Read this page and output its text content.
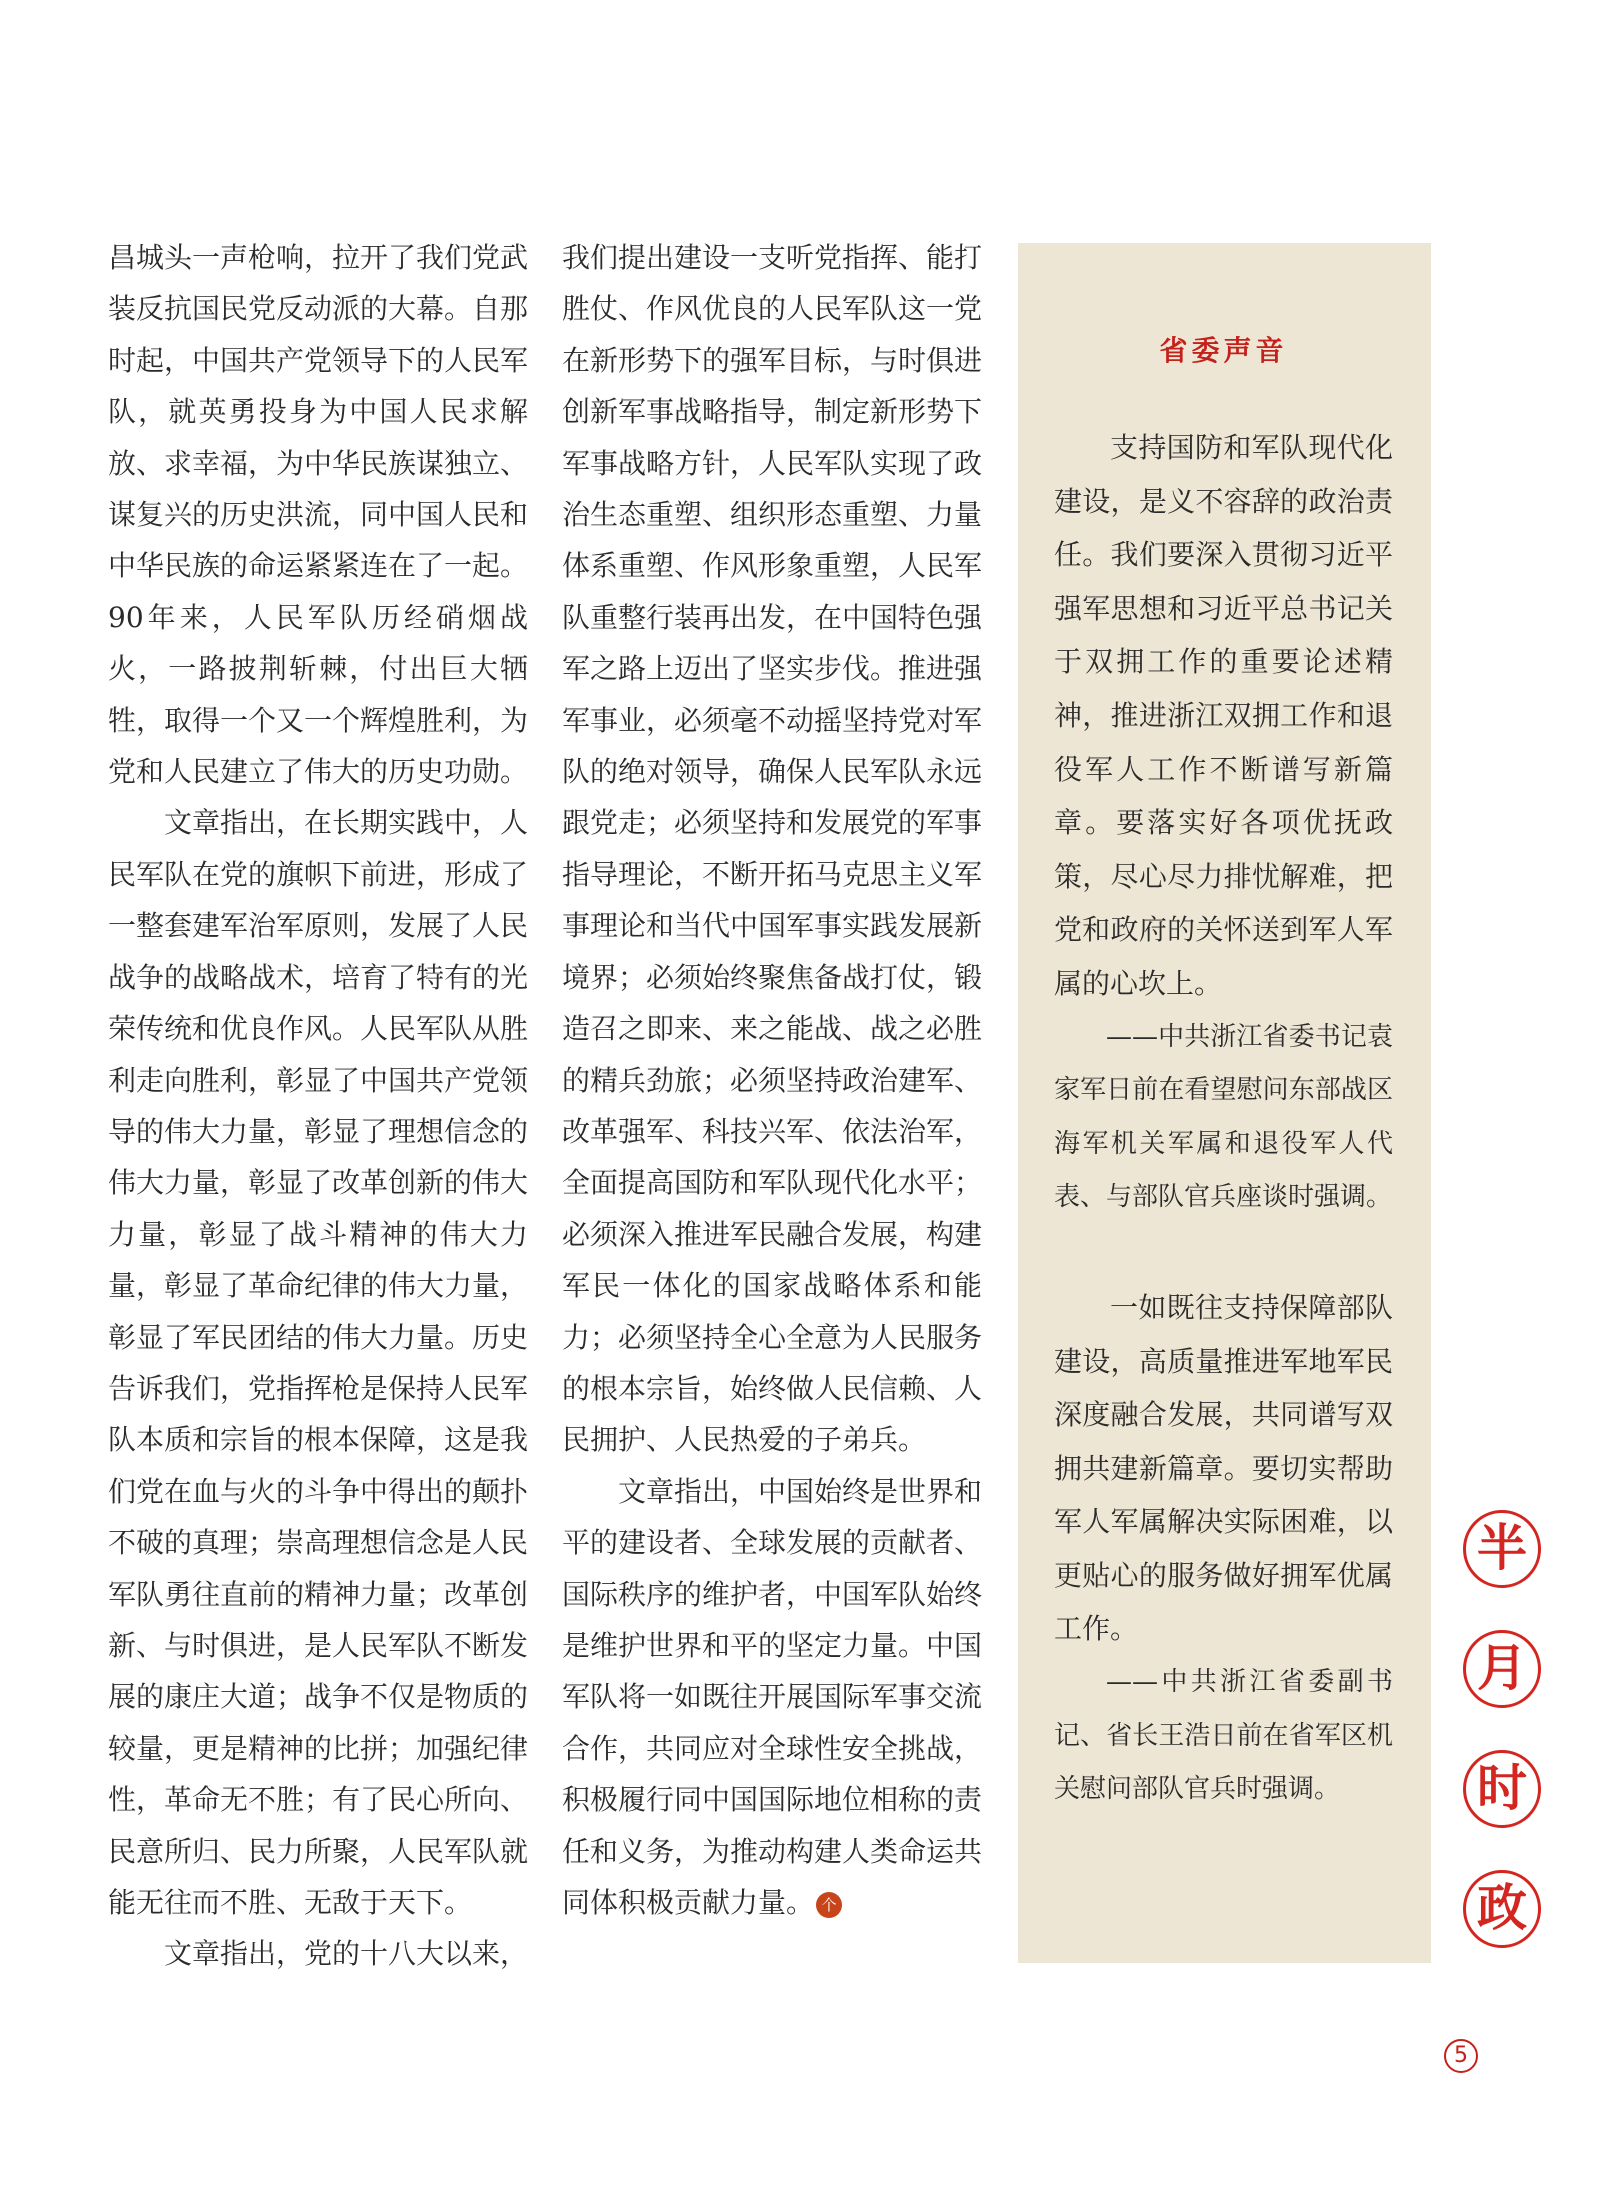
昌城头一声枪响，拉开了我们党武装反抗国民党反动派的大幕。自那时起，中国共产党领导下的人民军队，就英勇投身为中国人民求解放、求幸福，为中华民族谋独立、谋复兴的历史洪流，同中国人民和中华民族的命运紧紧连在了一起。90年来，人民军队历经硝烟战火，一路披荆斩棘，付出巨大牺牲，取得一个又一个辉煌胜利，为党和人民建立了伟大的历史功勋。

文章指出，在长期实践中，人民军队在党的旗帜下前进，形成了一整套建军治军原则，发展了人民战争的战略战术，培育了特有的光荣传统和优良作风。人民军队从胜利走向胜利，彰显了中国共产党领导的伟大力量，彰显了理想信念的伟大力量，彰显了改革创新的伟大力量，彰显了战斗精神的伟大力量，彰显了革命纪律的伟大力量，彰显了军民团结的伟大力量。历史告诉我们，党指挥枪是保持人民军队本质和宗旨的根本保障，这是我们党在血与火的斗争中得出的颠扑不破的真理；崇高理想信念是人民军队勇往直前的精神力量；改革创新、与时俱进，是人民军队不断发展的康庄大道；战争不仅是物质的较量，更是精神的比拼；加强纪律性，革命无不胜；有了民心所向、民意所归、民力所聚，人民军队就能无往而不胜、无敌于天下。

文章指出，党的十八大以来，

我们提出建设一支听党指挥、能打胜仗、作风优良的人民军队这一党在新形势下的强军目标，与时俱进创新军事战略指导，制定新形势下军事战略方针，人民军队实现了政治生态重塑、组织形态重塑、力量体系重塑、作风形象重塑，人民军队重整行装再出发，在中国特色强军之路上迈出了坚实步伐。推进强军事业，必须毫不动摇坚持党对军队的绝对领导，确保人民军队永远跟党走；必须坚持和发展党的军事指导理论，不断开拓马克思主义军事理论和当代中国军事实践发展新境界；必须始终聚焦备战打仗，锻造召之即来、来之能战、战之必胜的精兵劲旅；必须坚持政治建军、改革强军、科技兴军、依法治军，全面提高国防和军队现代化水平；必须深入推进军民融合发展，构建军民一体化的国家战略体系和能力；必须坚持全心全意为人民服务的根本宗旨，始终做人民信赖、人民拥护、人民热爱的子弟兵。

文章指出，中国始终是世界和平的建设者、全球发展的贡献者、国际秩序的维护者，中国军队始终是维护世界和平的坚定力量。中国军队将一如既往开展国际军事交流合作，共同应对全球性安全挑战，积极履行同中国国际地位相称的责任和义务，为推动构建人类命运共同体积极贡献力量。 个

省委声音
支持国防和军队现代化建设，是义不容辞的政治责任。我们要深入贯彻习近平强军思想和习近平总书记关于双拥工作的重要论述精神，推进浙江双拥工作和退役军人工作不断谱写新篇章。要落实好各项优抚政策，尽心尽力排忧解难，把党和政府的关怀送到军人军属的心坎上。
——中共浙江省委书记袁家军日前在看望慰问东部战区海军机关军属和退役军人代表、与部队官兵座谈时强调。
一如既往支持保障部队建设，高质量推进军地军民深度融合发展，共同谱写双拥共建新篇章。要切实帮助军人军属解决实际困难，以更贴心的服务做好拥军优属工作。
——中共浙江省委副书记、省长王浩日前在省军区机关慰问部队官兵时强调。
半
月
时
政
5
